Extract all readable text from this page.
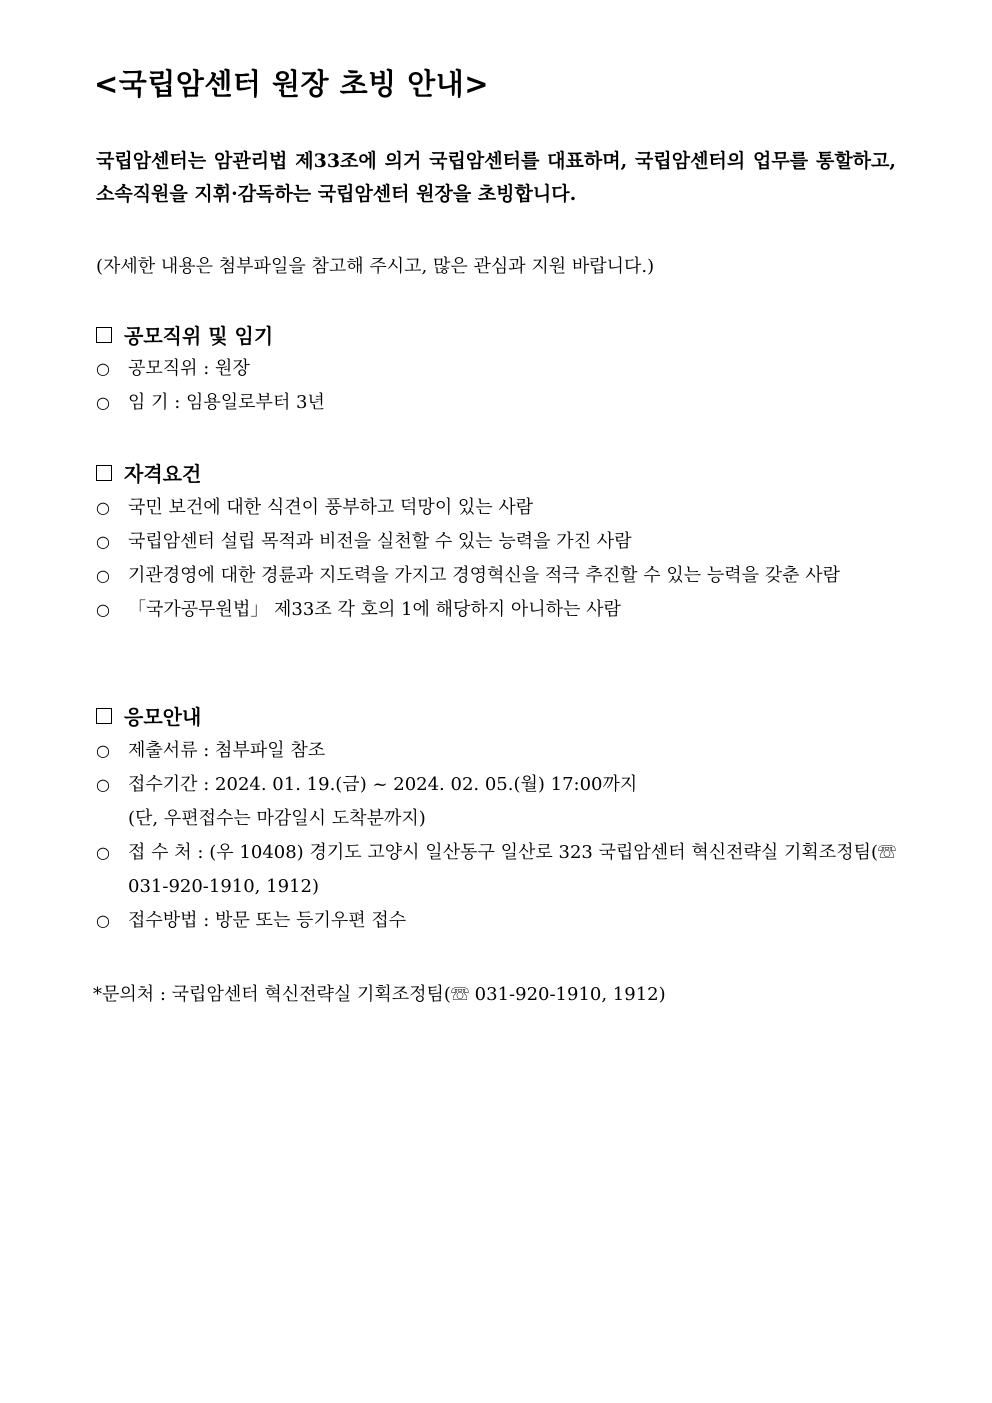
<국립암센터 원장 초빙 안내>
국립암센터는 암관리법 제33조에 의거 국립암센터를 대표하며, 국립암센터의 업무를 통할하고, 소속직원을 지휘·감독하는 국립암센터 원장을 초빙합니다.
(자세한 내용은 첨부파일을 참고해 주시고, 많은 관심과 지원 바랍니다.)
공모직위 및 임기
○	공모직위 : 원장
○	임 기 : 임용일로부터 3년
자격요건
○	국민 보건에 대한 식견이 풍부하고 덕망이 있는 사람
○	국립암센터 설립 목적과 비전을 실천할 수 있는 능력을 가진 사람
○	기관경영에 대한 경륜과 지도력을 가지고 경영혁신을 적극 추진할 수 있는 능력을 갖춘 사람
○	「국가공무원법」 제33조 각 호의 1에 해당하지 아니하는 사람
응모안내
○	제출서류 : 첨부파일 참조
○	접수기간 : 2024. 01. 19.(금) ~ 2024. 02. 05.(월) 17:00까지
(단, 우편접수는 마감일시 도착분까지)
○	접 수 처 : (우 10408) 경기도 고양시 일산동구 일산로 323 국립암센터 혁신전략실 기획조정팀(☏ 031-920-1910, 1912)
○	접수방법 : 방문 또는 등기우편 접수
*문의처 : 국립암센터 혁신전략실 기획조정팀(☏ 031-920-1910, 1912)
